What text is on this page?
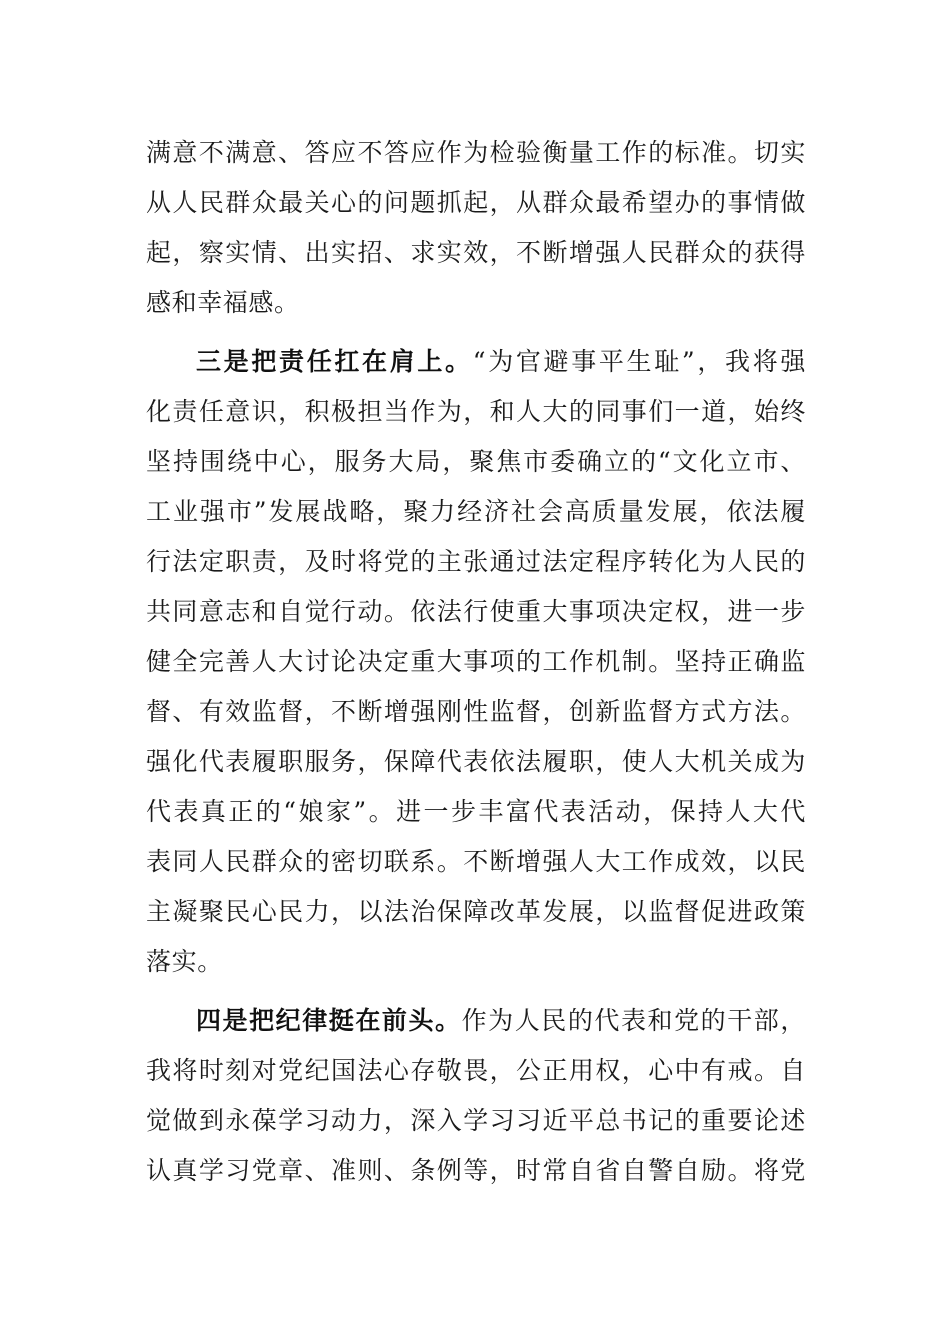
满意不满意、答应不答应作为检验衡量工作的标准。切实
从人民群众最关心的问题抓起，从群众最希望办的事情做
起，察实情、出实招、求实效，不断增强人民群众的获得
感和幸福感。
三是把责任扛在肩上。“为官避事平生耻”，我将强
化责任意识，积极担当作为，和人大的同事们一道，始终
坚持围绕中心，服务大局，聚焦市委确立的“文化立市、
工业强市”发展战略，聚力经济社会高质量发展，依法履
行法定职责，及时将党的主张通过法定程序转化为人民的
共同意志和自觉行动。依法行使重大事项决定权，进一步
健全完善人大讨论决定重大事项的工作机制。坚持正确监
督、有效监督，不断增强刚性监督，创新监督方式方法。
强化代表履职服务，保障代表依法履职，使人大机关成为
代表真正的“娘家”。进一步丰富代表活动，保持人大代
表同人民群众的密切联系。不断增强人大工作成效，以民
主凝聚民心民力，以法治保障改革发展，以监督促进政策
落实。
四是把纪律挺在前头。作为人民的代表和党的干部，
我将时刻对党纪国法心存敬畏，公正用权，心中有戒。自
觉做到永葆学习动力，深入学习习近平总书记的重要论述
认真学习党章、准则、条例等，时常自省自警自励。将党
